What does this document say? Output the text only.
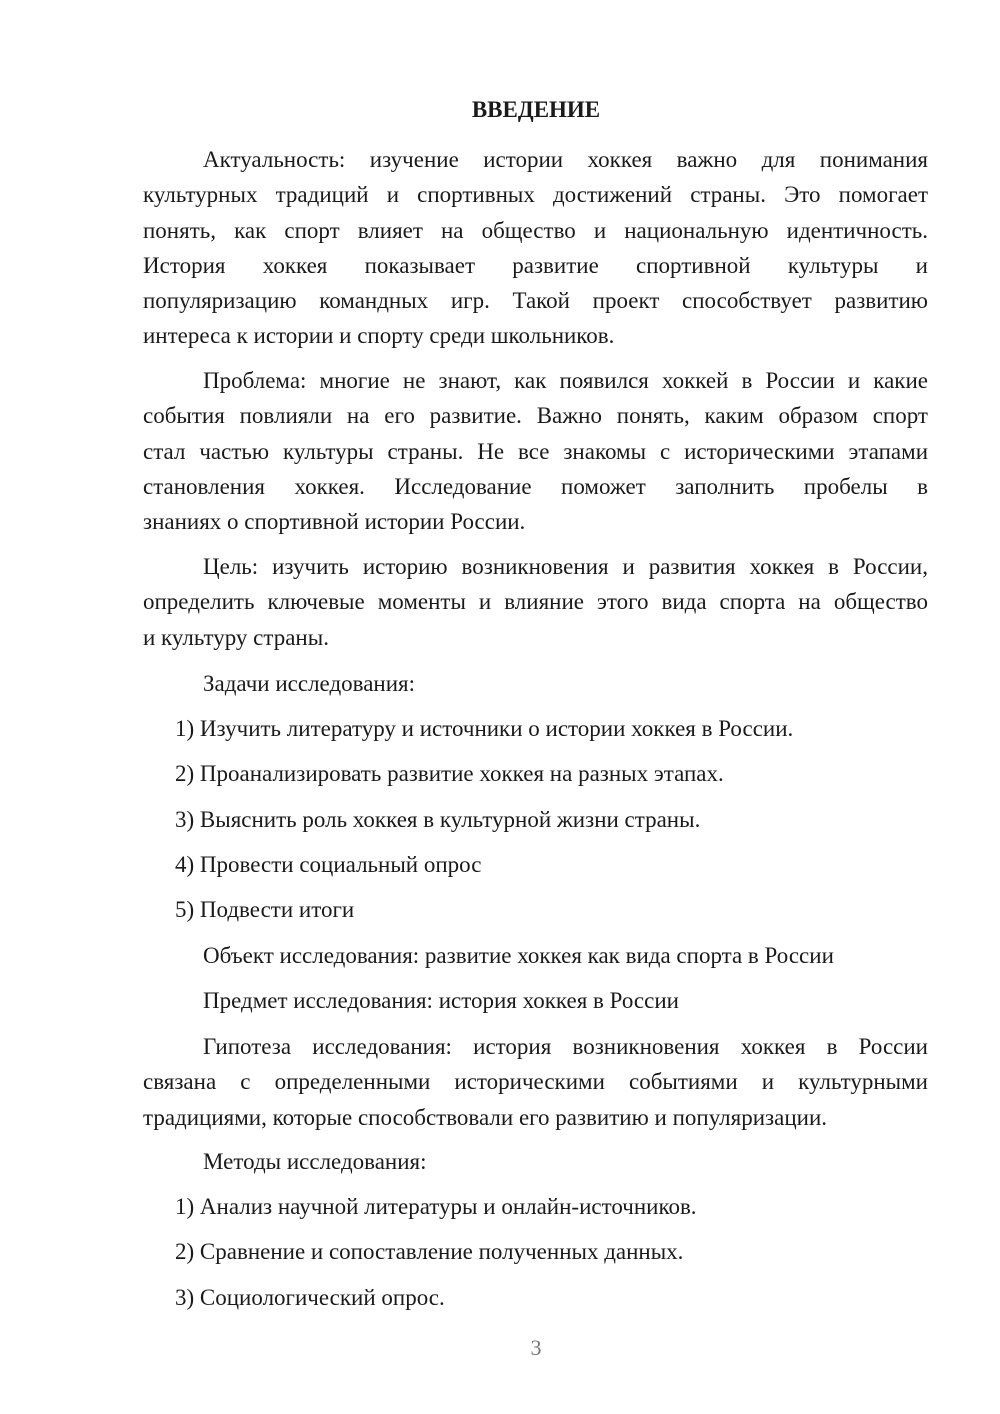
ВВЕДЕНИЕ
Актуальность: изучение истории хоккея важно для понимания
культурных традиций и спортивных достижений страны. Это помогает
понять, как спорт влияет на общество и национальную идентичность.
История хоккея показывает развитие спортивной культуры и
популяризацию командных игр. Такой проект способствует развитию
интереса к истории и спорту среди школьников.
Проблема: многие не знают, как появился хоккей в России и какие
события повлияли на его развитие. Важно понять, каким образом спорт
стал частью культуры страны. Не все знакомы с историческими этапами
становления хоккея. Исследование поможет заполнить пробелы в
знаниях о спортивной истории России.
Цель: изучить историю возникновения и развития хоккея в России,
определить ключевые моменты и влияние этого вида спорта на общество
и культуру страны.
Задачи исследования:
1) Изучить литературу и источники о истории хоккея в России.
2) Проанализировать развитие хоккея на разных этапах.
3) Выяснить роль хоккея в культурной жизни страны.
4) Провести социальный опрос
5) Подвести итоги
Объект исследования: развитие хоккея как вида спорта в России
Предмет исследования: история хоккея в России
Гипотеза исследования: история возникновения хоккея в России
связана с определенными историческими событиями и культурными
традициями, которые способствовали его развитию и популяризации.
Методы исследования:
1) Анализ научной литературы и онлайн-источников.
2) Сравнение и сопоставление полученных данных.
3) Социологический опрос.
3
